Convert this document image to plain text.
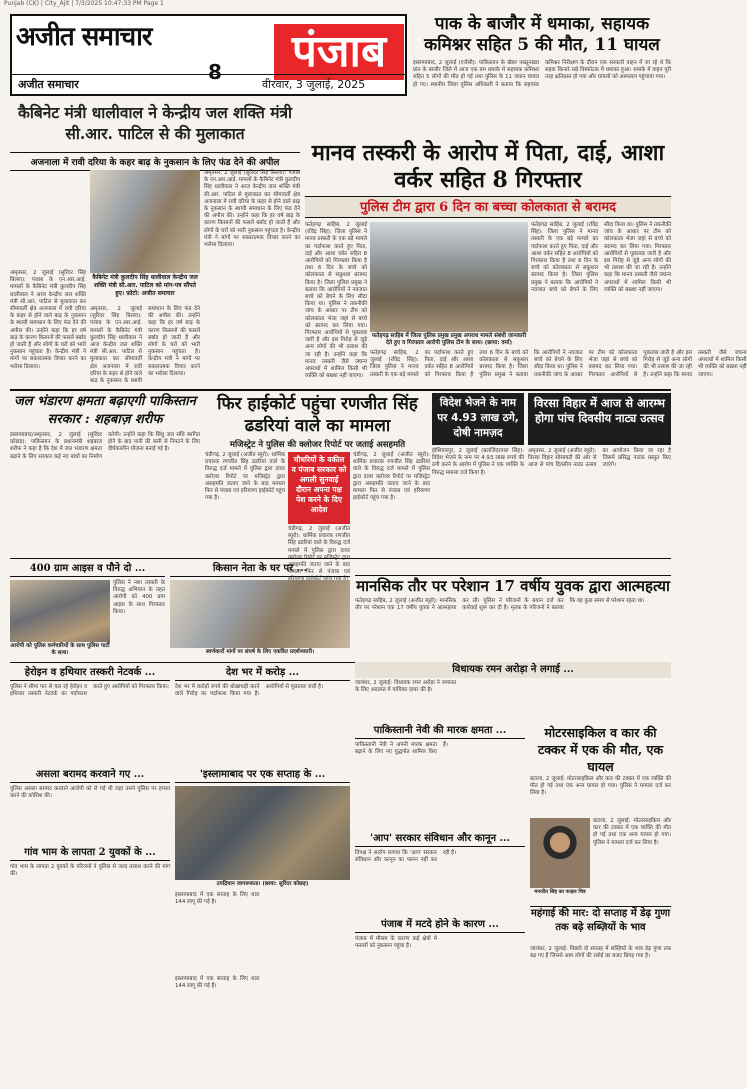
Punjab (CK) | City_Ajit | 7/3/2025 10:47:33 PM Page 1
अजीत समाचार
8	पंजाब
अजीत समाचार	वीरवार, 3 जुलाई, 2025
पाक के बाजौर में धमाका, सहायक कमिश्नर सहित 5 की मौत, 11 घायल
इस्लामाबाद, 2 जुलाई (एजेंसी): पाकिस्तान के खैबर पख्तूनख्वा प्रांत के बाजौर जिले में आज एक बम धमाके में सहायक कमिश्नर सहित 5 लोगों की मौत हो गई तथा पुलिस के 11 जवान घायल हो गए। स्थानीय जिला पुलिस अधिकारी ने बताया कि सहायक कमिश्नर निरीक्षण के दौरान एक सरकारी वाहन में जा रहे थे कि सड़क किनारे रखे विस्फोटक में धमाका हुआ। धमाके में वाहन पूरी तरह क्षतिग्रस्त हो गया और घायलों को अस्पताल पहुंचाया गया।
कैबिनेट मंत्री धालीवाल ने केन्द्रीय जल शक्ति मंत्री सी.आर. पाटिल से की मुलाकात
अजनाला में रावी दरिया के कहर बाढ़ के नुकसान के लिए फंड देने की अपील
अमृतसर, 2 जुलाई (सुरिंदर सिंह बिल्ला): पंजाब के एन.आर.आई. मामलों के कैबिनेट मंत्री कुलदीप सिंह धालीवाल ने आज केन्द्रीय जल शक्ति मंत्री सी.आर. पाटिल से मुलाकात कर सीमावर्ती क्षेत्र अजनाला में रावी दरिया के कहर से होने वाले बाढ़ के नुकसान के स्थायी समाधान के लिए फंड देने की अपील की। उन्होंने कहा कि हर वर्ष बाढ़ के कारण किसानों की फसलें बर्बाद हो जाती हैं और लोगों के घरों को भारी नुकसान पहुंचता है। केन्द्रीय मंत्री ने मांगों पर सकारात्मक विचार करने का भरोसा दिलाया।
कैबिनेट मंत्री कुलदीप सिंह धालीवाल केन्द्रीय जल शक्ति मंत्री सी.आर. पाटिल को मांग-पत्र सौंपते हुए। फ़ोटो: अजीत समाचार
अमृतसर, 2 जुलाई (सुरिंदर सिंह बिल्ला): पंजाब के एन.आर.आई. मामलों के कैबिनेट मंत्री कुलदीप सिंह धालीवाल ने आज केन्द्रीय जल शक्ति मंत्री सी.आर. पाटिल से मुलाकात कर सीमावर्ती क्षेत्र अजनाला में रावी दरिया के कहर से होने वाले बाढ़ के नुकसान के स्थायी समाधान के लिए फंड देने की अपील की। उन्होंने कहा कि हर वर्ष बाढ़ के कारण किसानों की फसलें बर्बाद हो जाती हैं और लोगों के घरों को भारी नुकसान पहुंचता है। केन्द्रीय मंत्री ने मांगों पर सकारात्मक विचार करने का भरोसा दिलाया।
अमृतसर, 2 जुलाई (सुरिंदर सिंह बिल्ला): पंजाब के एन.आर.आई. मामलों के कैबिनेट मंत्री कुलदीप सिंह धालीवाल ने आज केन्द्रीय जल शक्ति मंत्री सी.आर. पाटिल से मुलाकात कर सीमावर्ती क्षेत्र अजनाला में रावी दरिया के कहर से होने वाले बाढ़ के नुकसान के स्थायी समाधान के लिए फंड देने की अपील की। उन्होंने कहा कि हर वर्ष बाढ़ के कारण किसानों की फसलें बर्बाद हो जाती हैं और लोगों के घरों को भारी नुकसान पहुंचता है। केन्द्रीय मंत्री ने मांगों पर सकारात्मक विचार करने का भरोसा दिलाया।
मानव तस्करी के आरोप में पिता, दाई, आशा वर्कर सहित 8 गिरफ्तार
पुलिस टीम द्वारा 6 दिन का बच्चा कोलकाता से बरामद
फतेहगढ़ साहिब, 2 जुलाई (रविंद्र सिंह): जिला पुलिस ने मानव तस्करी के एक बड़े मामले का पर्दाफाश करते हुए पिता, दाई और आशा वर्कर सहित 8 आरोपियों को गिरफ्तार किया है तथा 6 दिन के बच्चे को कोलकाता से सकुशल बरामद किया है। जिला पुलिस प्रमुख ने बताया कि आरोपियों ने नवजात बच्चे को बेचने के लिए सौदा किया था। पुलिस ने तकनीकी जांच के आधार पर टीम को कोलकाता भेजा जहां से बच्चे को बरामद कर लिया गया। गिरफ्तार आरोपियों से पूछताछ जारी है और इस गिरोह से जुड़े अन्य लोगों की भी तलाश की जा रही है। उन्होंने कहा कि मानव तस्करी जैसे जघन्य अपराधों में शामिल किसी भी व्यक्ति को बख्शा नहीं जाएगा।
फतेहगढ़ साहिब में जिला पुलिस प्रमुख प्रमुख अपराध मामले संबंधी जानकारी देते हुए व गिरफ्तार आरोपी पुलिस टीम के साथ। (छाया: वर्मा)
फतेहगढ़ साहिब, 2 जुलाई (रविंद्र सिंह): जिला पुलिस ने मानव तस्करी के एक बड़े मामले का पर्दाफाश करते हुए पिता, दाई और आशा वर्कर सहित 8 आरोपियों को गिरफ्तार किया है तथा 6 दिन के बच्चे को कोलकाता से सकुशल बरामद किया है। जिला पुलिस प्रमुख ने बताया कि आरोपियों ने नवजात बच्चे को बेचने के लिए सौदा किया था। पुलिस ने तकनीकी जांच के आधार पर टीम को कोलकाता भेजा जहां से बच्चे को बरामद कर लिया गया। गिरफ्तार आरोपियों से पूछताछ जारी है और इस गिरोह से जुड़े अन्य लोगों की भी तलाश की जा रही है। उन्होंने कहा कि मानव तस्करी जैसे जघन्य अपराधों में शामिल किसी भी व्यक्ति को बख्शा नहीं जाएगा।
फतेहगढ़ साहिब, 2 जुलाई (रविंद्र सिंह): जिला पुलिस ने मानव तस्करी के एक बड़े मामले का पर्दाफाश करते हुए पिता, दाई और आशा वर्कर सहित 8 आरोपियों को गिरफ्तार किया है तथा 6 दिन के बच्चे को कोलकाता से सकुशल बरामद किया है। जिला पुलिस प्रमुख ने बताया कि आरोपियों ने नवजात बच्चे को बेचने के लिए सौदा किया था। पुलिस ने तकनीकी जांच के आधार पर टीम को कोलकाता भेजा जहां से बच्चे को बरामद कर लिया गया। गिरफ्तार आरोपियों से पूछताछ जारी है और इस गिरोह से जुड़े अन्य लोगों की भी तलाश की जा रही है। उन्होंने कहा कि मानव तस्करी जैसे जघन्य अपराधों में शामिल किसी भी व्यक्ति को बख्शा नहीं जाएगा।
जल भंडारण क्षमता बढ़ाएगी पाकिस्तान सरकार : शहबाज़ शरीफ
इस्लामाबाद/अमृतसर, 2 जुलाई (सुरिंदर कोछड़): पाकिस्तान के प्रधानमंत्री शहबाज़ शरीफ ने कहा है कि देश में जल भंडारण क्षमता बढ़ाने के लिए सरकार कई नए बांधों का निर्माण करेगी। उन्होंने कहा कि सिंधु जल संधि स्थगित होने के बाद पानी की कमी से निपटने के लिए दीर्घकालीन योजना बनाई गई है।
फिर हाईकोर्ट पहुंचा रणजीत सिंह ढडरियां वाले का मामला
मजिस्ट्रेट ने पुलिस की क्लोजर रिपोर्ट पर जताई असहमति
चंडीगढ़, 2 जुलाई (अजीत ब्यूरो): धार्मिक प्रचारक रणजीत सिंह ढडरियां वाले के विरुद्ध दर्ज मामले में पुलिस द्वारा दायर क्लोजर रिपोर्ट पर मजिस्ट्रेट द्वारा असहमति जताए जाने के बाद मामला फिर से पंजाब एवं हरियाणा हाईकोर्ट पहुंच गया है।
चौधरियों के वकील व पंजाब सरकार को अगली सुनवाई दौरान अपना पक्ष पेश करने के दिए आदेश
चंडीगढ़, 2 जुलाई (अजीत ब्यूरो): धार्मिक प्रचारक रणजीत सिंह ढडरियां वाले के विरुद्ध दर्ज मामले में पुलिस द्वारा दायर असहमति जताए जाने के बाद मामला फिर से पंजाब एवं
चंडीगढ़, 2 जुलाई (अजीत ब्यूरो): धार्मिक प्रचारक रणजीत सिंह ढडरियां वाले के विरुद्ध दर्ज मामले में पुलिस द्वारा दायर क्लोजर रिपोर्ट पर मजिस्ट्रेट द्वारा असहमति जताए जाने के बाद मामला फिर से पंजाब एवं हरियाणा हाईकोर्ट पहुंच गया है।
विदेश भेजने के नाम पर 4.93 लाख ठगे, दोषी नामज़द
होशियारपुर, 2 जुलाई (बलजिंदरपाल सिंह): विदेश भेजने के नाम पर 4.93 लाख रुपये की ठगी करने के आरोप में पुलिस ने एक व्यक्ति के विरुद्ध मामला दर्ज किया है।
विरसा विहार में आज से आरम्भ होगा पांच दिवसीय नाट्य उत्सव
अमृतसर, 2 जुलाई (अजीत ब्यूरो): विरसा विहार सोसायटी की ओर से आज से पांच दिवसीय नाट्य उत्सव का आयोजन किया जा रहा है जिसमें प्रसिद्ध नाटक प्रस्तुत किए जाएंगे।
400 ग्राम आइस व पौने दो ...
आरोपी को पुलिस कर्मचारियों के साथ पुलिस पार्टी के साथ।
पुलिस ने नशा तस्करी के विरुद्ध अभियान के तहत आरोपी को 400 ग्राम आइस के साथ गिरफ्तार किया।
किसान नेता के घर पर ...
स्वर्णकारों मांगों पर संघर्ष के लिए एकत्रित प्रदर्शनकारी।
मानसिक तौर पर परेशान 17 वर्षीय युवक द्वारा आत्महत्या
फतेहगढ़ साहिब, 2 जुलाई (अजीत ब्यूरो): मानसिक तौर पर परेशान एक 17 वर्षीय युवक ने आत्महत्या कर ली। पुलिस ने परिजनों के बयान दर्ज कर कार्रवाई शुरू कर दी है। मृतक के परिजनों ने बताया कि वह कुछ समय से परेशान रहता था।
हेरोइन व हथियार तस्करी नेटवर्क ...
पुलिस ने सीमा पार से चल रहे हेरोइन व हथियार तस्करी नेटवर्क का पर्दाफाश करते हुए आरोपियों को गिरफ्तार किया।
देश भर में करोड़ ...
देश भर में करोड़ों रुपये की धोखाधड़ी करने वाले गिरोह का पर्दाफाश किया गया है। आरोपियों से पूछताछ जारी है।
विधायक रमन अरोड़ा ने लगाई ...
जालंधर, 2 जुलाई: विधायक रमन अरोड़ा ने जमानत के लिए अदालत में याचिका दायर की है।
पाकिस्तानी नेवी की मारक क्षमता ...
पाकिस्तानी नेवी ने अपनी मारक क्षमता बढ़ाने के लिए नए युद्धपोत शामिल किए हैं।
मोटरसाइकिल व कार की टक्कर में एक की मौत, एक घायल
बटाला, 2 जुलाई: मोटरसाइकिल और कार की टक्कर में एक व्यक्ति की मौत हो गई तथा एक अन्य घायल हो गया। पुलिस ने मामला दर्ज कर लिया है।
मनजीत सिंह का फाइल चित्र
बटाला, 2 जुलाई: मोटरसाइकिल और कार की टक्कर में एक व्यक्ति की मौत हो गई तथा एक अन्य घायल हो गया। पुलिस ने मामला दर्ज कर लिया है।
असला बरामद करवाने गए ...
पुलिस असला बरामद करवाने आरोपी को ले गई थी जहां उसने पुलिस पर हमला करने की कोशिश की।
'इस्लामाबाद पर एक सप्ताह के ...
उपद्रियान जागरूकता। (छाया: सुरिंदर कोछड़)
इस्लामाबाद में एक सप्ताह के लिए धारा 144 लागू की गई है।
'आप' सरकार संविधान और कानून ...
विपक्ष ने आरोप लगाया कि 'आप' सरकार संविधान और कानून का पालन नहीं कर रही है।
पंजाब में मटदे होने के कारण ...
पंजाब में मौसम के कारण कई क्षेत्रों में फसलों को नुकसान पहुंचा है।
गांव भाम के लापता 2 युवकों के ...
गांव भाम के लापता 2 युवकों के परिजनों ने पुलिस से जल्द तलाश करने की मांग की।
इस्लामाबाद में एक सप्ताह के लिए धारा 144 लागू की गई है।
महंगाई की मार: दो सप्ताह में डेढ़ गुणा तक बढ़े सब्ज़ियों के भाव
जालंधर, 2 जुलाई: पिछले दो सप्ताह में सब्ज़ियों के भाव डेढ़ गुणा तक बढ़ गए हैं जिससे आम लोगों की रसोई का बजट बिगड़ गया है।
